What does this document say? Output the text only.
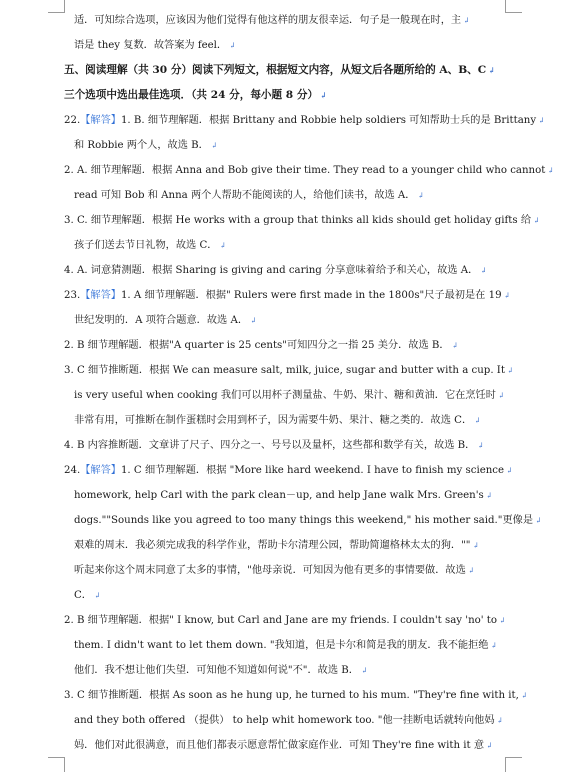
适．可知综合选项，应该因为他们觉得有他这样的朋友很幸运．句子是一般现在时，主 ↲
语是 they 复数．故答案为 feel． ↲
五、阅读理解（共 30 分）阅读下列短文，根据短文内容，从短文后各题所给的 A、B、C ↲
三个选项中选出最佳选项．（共 24 分，每小题 8 分） ↲
22.【解答】1. B. 细节理解题．根据 Brittany and Robbie help soldiers 可知帮助士兵的是 Brittany ↲
和 Robbie 两个人，故选 B． ↲
2. A. 细节理解题．根据 Anna and Bob give their time. They read to a younger child who cannot ↲
read 可知 Bob 和 Anna 两个人帮助不能阅读的人，给他们读书，故选 A． ↲
3. C. 细节理解题．根据 He works with a group that thinks all kids should get holiday gifts 给 ↲
孩子们送去节日礼物，故选 C． ↲
4. A. 词意猜测题．根据 Sharing is giving and caring 分享意味着给予和关心，故选 A． ↲
23.【解答】1. A 细节理解题．根据" Rulers were first made in the 1800s"尺子最初是在 19 ↲
世纪发明的．A 项符合题意．故选 A． ↲
2. B 细节理解题．根据"A quarter is 25 cents"可知四分之一指 25 美分．故选 B． ↲
3. C 细节推断题．根据 We can measure salt, milk, juice, sugar and butter with a cup. It ↲
is very useful when cooking 我们可以用杯子测量盐、牛奶、果汁、糖和黄油．它在烹饪时 ↲
非常有用，可推断在制作蛋糕时会用到杯子，因为需要牛奶、果汁、糖之类的．故选 C． ↲
4. B 内容推断题．文章讲了尺子、四分之一、号号以及量杯，这些都和数学有关，故选 B． ↲
24.【解答】1. C 细节理解题．根据 "More like hard weekend. I have to finish my science ↲
homework, help Carl with the park clean－up, and help Jane walk Mrs. Green's ↲
dogs.""Sounds like you agreed to too many things this weekend," his mother said."更像是 ↲
艰难的周末．我必须完成我的科学作业，帮助卡尔清理公园，帮助简遛格林太太的狗．"" ↲
听起来你这个周末同意了太多的事情，"他母亲说．可知因为他有更多的事情要做．故选 ↲
C． ↲
2. B 细节理解题．根据" I know, but Carl and Jane are my friends. I couldn't say 'no' to ↲
them. I didn't want to let them down. "我知道，但是卡尔和简是我的朋友．我不能拒绝 ↲
他们．我不想让他们失望．可知他不知道如何说"不"．故选 B． ↲
3. C 细节推断题．根据 As soon as he hung up, he turned to his mum. "They're fine with it, ↲
and they both offered （提供） to help whit homework too. "他一挂断电话就转向他妈 ↲
妈．他们对此很满意，而且他们都表示愿意帮忙做家庭作业．可知 They're fine with it 意 ↲
